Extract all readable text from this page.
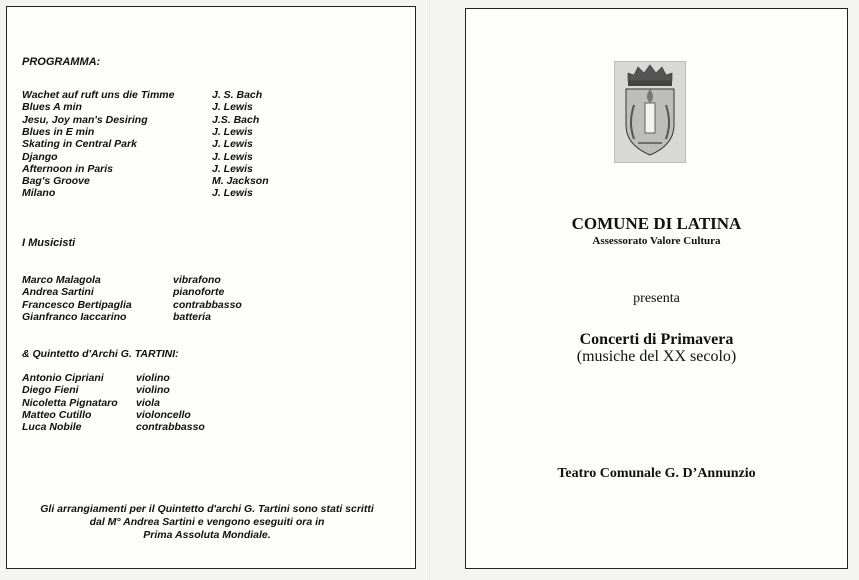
PROGRAMMA:
Wachet auf ruft uns die Timme	J. S. Bach
Blues A min	J. Lewis
Jesu, Joy man's Desiring	J.S. Bach
Blues in E min	J. Lewis
Skating in Central Park	J. Lewis
Django	J. Lewis
Afternoon in Paris	J. Lewis
Bag's Groove	M. Jackson
Milano	J. Lewis
I Musicisti
Marco Malagola	vibrafono
Andrea Sartini	pianoforte
Francesco Bertipaglia	contrabbasso
Gianfranco Iaccarino	batteria
& Quintetto d'Archi G. TARTINI:
Antonio Cipriani	violino
Diego Fieni	violino
Nicoletta Pignataro viola
Matteo Cutillo	violoncello
Luca Nobile	contrabbasso
Gli arrangiamenti per il Quintetto d'archi G. Tartini sono stati scritti
dal M° Andrea Sartini e vengono eseguiti ora in
Prima Assoluta Mondiale.
COMUNE DI LATINA
Assessorato Valore Cultura
presenta
Concerti di Primavera
(musiche del XX secolo)
Teatro Comunale G. D’Annunzio
